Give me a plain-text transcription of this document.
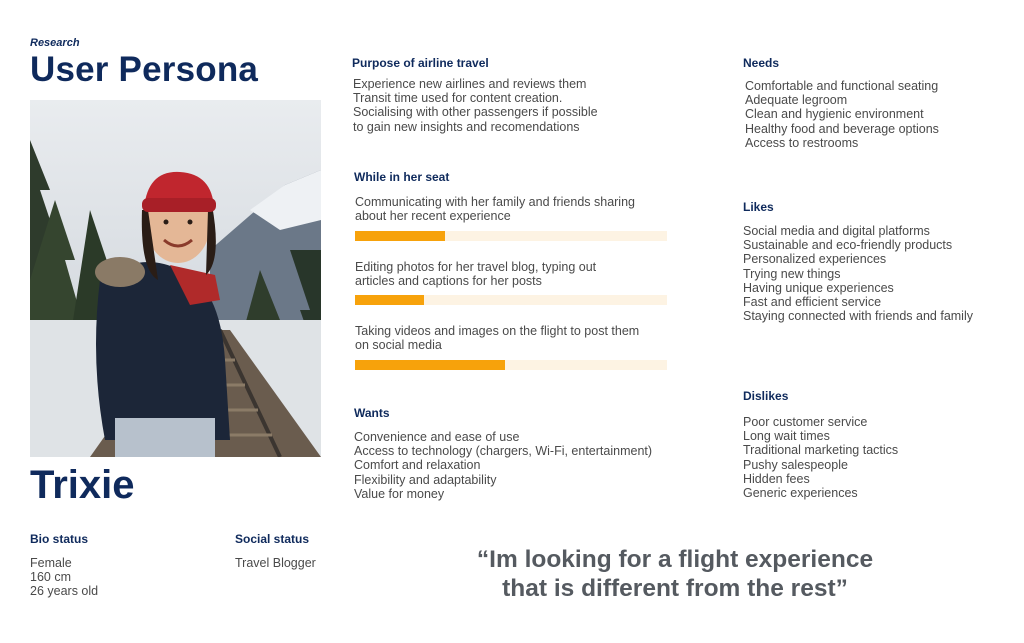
Research
User Persona
Trixie
Bio status
Female
160 cm
26 years old
Social status
Travel Blogger
Purpose of airline travel
Experience new airlines and reviews them
Transit time used for content creation.
Socialising with other passengers if possible
to gain new insights and recomendations
While in her seat
Communicating with her family and friends sharing
about her recent experience
Editing photos for her travel blog, typing out
articles and captions for her posts
Taking videos and images on the flight to post them
on social media
Wants
Convenience and ease of use
Access to technology (chargers, Wi-Fi, entertainment)
Comfort and relaxation
Flexibility and adaptability
Value for money
Needs
Comfortable and functional seating
Adequate legroom
Clean and hygienic environment
Healthy food and beverage options
Access to restrooms
Likes
Social media and digital platforms
Sustainable and eco-friendly products
Personalized experiences
Trying new things
Having unique experiences
Fast and efficient service
Staying connected with friends and family
Dislikes
Poor customer service
Long wait times
Traditional marketing tactics
Pushy salespeople
Hidden fees
Generic experiences
“Im looking for a flight experience
that is different from the rest”
